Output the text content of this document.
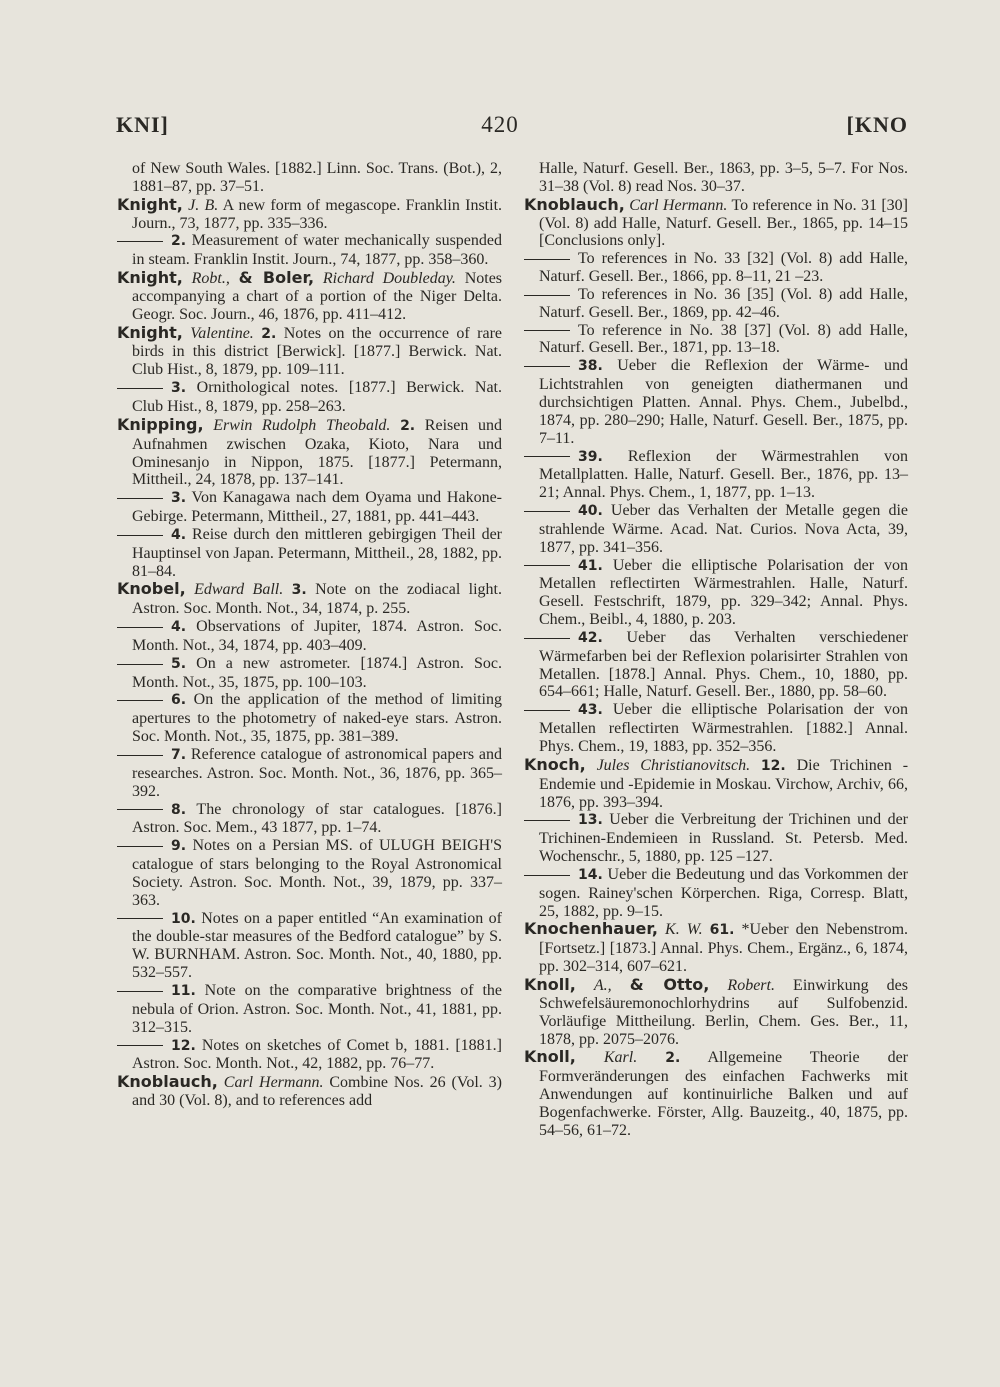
KNI]	420	[KNO

of New South Wales. [1882.] Linn. Soc. Trans. (Bot.), 2, 1881–87, pp. 37–51.

Knight, J. B. A new form of megascope. Franklin Instit. Journ., 73, 1877, pp. 335–336.

2. Measurement of water mechanically suspended in steam. Franklin Instit. Journ., 74, 1877, pp. 358–360.

Knight, Robt., & Boler, Richard Doubleday. Notes accompanying a chart of a portion of the Niger Delta. Geogr. Soc. Journ., 46, 1876, pp. 411–412.

Knight, Valentine. 2. Notes on the occurrence of rare birds in this district [Berwick]. [1877.] Berwick. Nat. Club Hist., 8, 1879, pp. 109–111.

3. Ornithological notes. [1877.] Berwick. Nat. Club Hist., 8, 1879, pp. 258–263.

Knipping, Erwin Rudolph Theobald. 2. Reisen und Aufnahmen zwischen Ozaka, Kioto, Nara und Ominesanjo in Nippon, 1875. [1877.] Petermann, Mittheil., 24, 1878, pp. 137–141.

3. Von Kanagawa nach dem Oyama und Hakone-Gebirge. Petermann, Mittheil., 27, 1881, pp. 441–443.

4. Reise durch den mittleren gebirgigen Theil der Hauptinsel von Japan. Petermann, Mittheil., 28, 1882, pp. 81–84.

Knobel, Edward Ball. 3. Note on the zodiacal light. Astron. Soc. Month. Not., 34, 1874, p. 255.

4. Observations of Jupiter, 1874. Astron. Soc. Month. Not., 34, 1874, pp. 403–409.

5. On a new astrometer. [1874.] Astron. Soc. Month. Not., 35, 1875, pp. 100–103.

6. On the application of the method of limiting apertures to the photometry of naked-eye stars. Astron. Soc. Month. Not., 35, 1875, pp. 381–389.

7. Reference catalogue of astronomical papers and researches. Astron. Soc. Month. Not., 36, 1876, pp. 365–392.

8. The chronology of star catalogues. [1876.] Astron. Soc. Mem., 43 1877, pp. 1–74.

9. Notes on a Persian MS. of ULUGH BEIGH'S catalogue of stars belonging to the Royal Astronomical Society. Astron. Soc. Month. Not., 39, 1879, pp. 337–363.

10. Notes on a paper entitled “An examination of the double-star measures of the Bedford catalogue” by S. W. BURNHAM. Astron. Soc. Month. Not., 40, 1880, pp. 532–557.

11. Note on the comparative brightness of the nebula of Orion. Astron. Soc. Month. Not., 41, 1881, pp. 312–315.

12. Notes on sketches of Comet b, 1881. [1881.] Astron. Soc. Month. Not., 42, 1882, pp. 76–77.

Knoblauch, Carl Hermann. Combine Nos. 26 (Vol. 3) and 30 (Vol. 8), and to references add

Halle, Naturf. Gesell. Ber., 1863, pp. 3–5, 5–7. For Nos. 31–38 (Vol. 8) read Nos. 30–37.

Knoblauch, Carl Hermann. To reference in No. 31 [30] (Vol. 8) add Halle, Naturf. Gesell. Ber., 1865, pp. 14–15 [Conclusions only].

To references in No. 33 [32] (Vol. 8) add Halle, Naturf. Gesell. Ber., 1866, pp. 8–11, 21 –23.

To references in No. 36 [35] (Vol. 8) add Halle, Naturf. Gesell. Ber., 1869, pp. 42–46.

To reference in No. 38 [37] (Vol. 8) add Halle, Naturf. Gesell. Ber., 1871, pp. 13–18.

38. Ueber die Reflexion der Wärme- und Lichtstrahlen von geneigten diathermanen und durchsichtigen Platten. Annal. Phys. Chem., Jubelbd., 1874, pp. 280–290; Halle, Naturf. Gesell. Ber., 1875, pp. 7–11.

39. Reflexion der Wärmestrahlen von Metallplatten. Halle, Naturf. Gesell. Ber., 1876, pp. 13–21; Annal. Phys. Chem., 1, 1877, pp. 1–13.

40. Ueber das Verhalten der Metalle gegen die strahlende Wärme. Acad. Nat. Curios. Nova Acta, 39, 1877, pp. 341–356.

41. Ueber die elliptische Polarisation der von Metallen reflectirten Wärmestrahlen. Halle, Naturf. Gesell. Festschrift, 1879, pp. 329–342; Annal. Phys. Chem., Beibl., 4, 1880, p. 203.

42. Ueber das Verhalten verschiedener Wärmefarben bei der Reflexion polarisirter Strahlen von Metallen. [1878.] Annal. Phys. Chem., 10, 1880, pp. 654–661; Halle, Naturf. Gesell. Ber., 1880, pp. 58–60.

43. Ueber die elliptische Polarisation der von Metallen reflectirten Wärmestrahlen. [1882.] Annal. Phys. Chem., 19, 1883, pp. 352–356.

Knoch, Jules Christianovitsch. 12. Die Trichinen -Endemie und -Epidemie in Moskau. Virchow, Archiv, 66, 1876, pp. 393–394.

13. Ueber die Verbreitung der Trichinen und der Trichinen-Endemieen in Russland. St. Petersb. Med. Wochenschr., 5, 1880, pp. 125 –127.

14. Ueber die Bedeutung und das Vorkommen der sogen. Rainey'schen Körperchen. Riga, Corresp. Blatt, 25, 1882, pp. 9–15.

Knochenhauer, K. W. 61. *Ueber den Nebenstrom. [Fortsetz.] [1873.] Annal. Phys. Chem., Ergänz., 6, 1874, pp. 302–314, 607–621.

Knoll, A., & Otto, Robert. Einwirkung des Schwefelsäuremonochlorhydrins auf Sulfobenzid. Vorläufige Mittheilung. Berlin, Chem. Ges. Ber., 11, 1878, pp. 2075–2076.

Knoll, Karl. 2. Allgemeine Theorie der Formveränderungen des einfachen Fachwerks mit Anwendungen auf kontinuirliche Balken und auf Bogenfachwerke. Förster, Allg. Bauzeitg., 40, 1875, pp. 54–56, 61–72.
